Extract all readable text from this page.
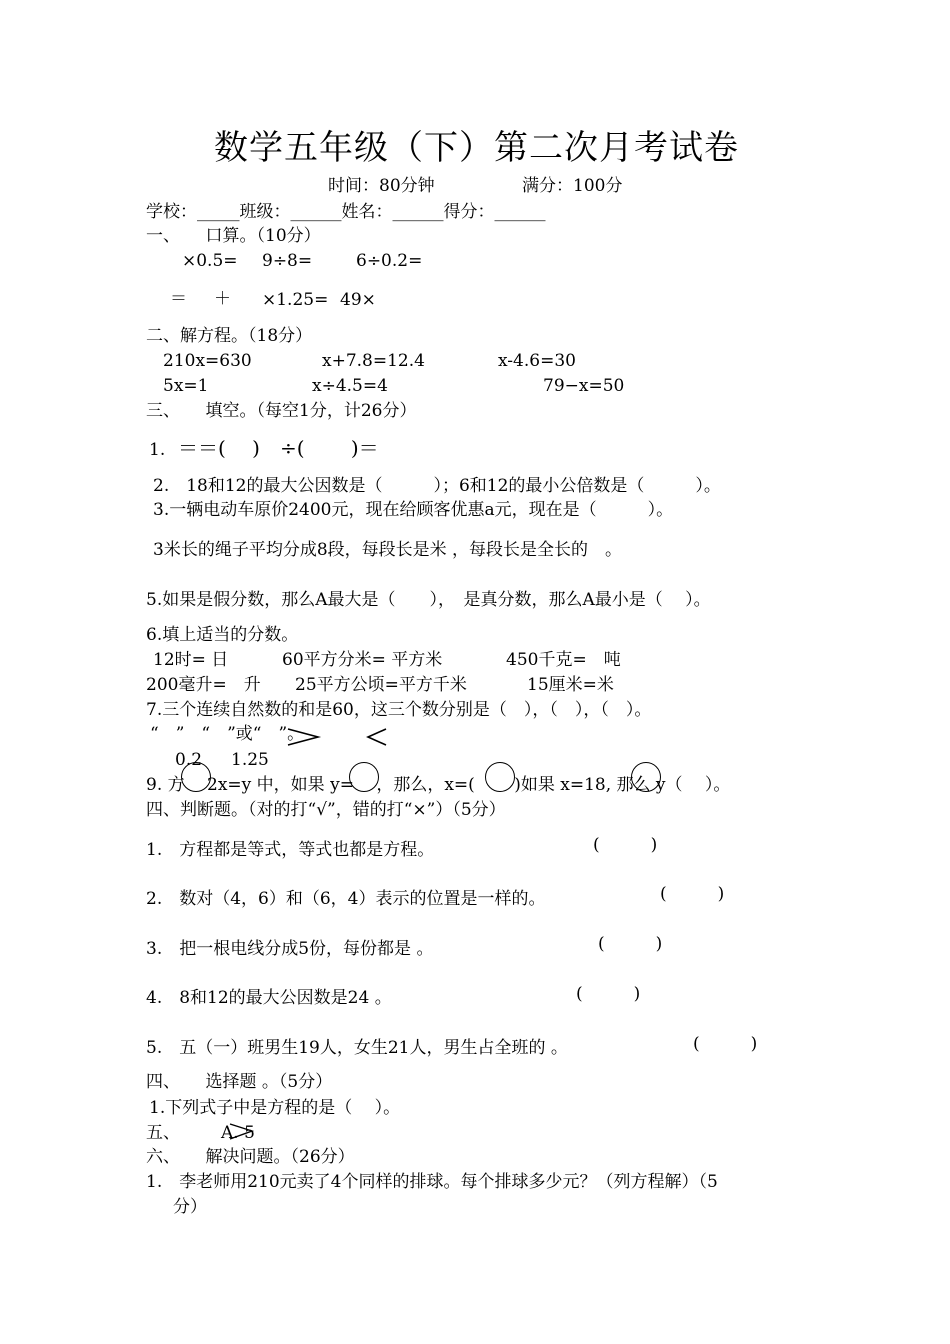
数学五年级（下）第二次月考试卷
时间：80分钟	满分：100分
学校：_____班级：______姓名：______得分：______
一、　　口算。（10分）
×0.5= 9÷8=	6÷0.2=
＝ ＋ ×1.25= 49×
二、解方程。（18分）
210x=630	x+7.8=12.4	x-4.6=30
5x=1	x÷4.5=4	79−x=50
三、　　填空。（每空1分，计26分）
1. ＝＝(　 )　÷(　　 )＝
2.　18和12的最大公因数是（　　　）；6和12的最小公倍数是（　　　）。
3.一辆电动车原价2400元，现在给顾客优惠a元，现在是（　　　）。
3米长的绳子平均分成8段，每段长是米 ，每段长是全长的　。
5.如果是假分数，那么A最大是（　　），　是真分数，那么A最小是（　 ）。
6.填上适当的分数。
12时= 日	60平方分米= 平方米	450千克=　吨
200毫升=　升 25平方公顷=平方千米	15厘米=米
7.三个连续自然数的和是60，这三个数分别是（　），（　），（　）。
“　”　“　”或“　”。
0.2 1.25
9. 方　 2x=y 中，如果 y=　 ，那么，x=(　　 )如果 x=18, 那么 y（　 ）。
四、判断题。（对的打“√”，错的打“×”）（5分）
1.　方程都是等式，等式也都是方程。	(　　　)
2.　数对（4，6）和（6，4）表示的位置是一样的。	(　　　)
3.　把一根电线分成5份，每份都是 。	(　　　)
4.　8和12的最大公因数是24 。	(　　　)
5.　五（一）班男生19人，女生21人，男生占全班的 。	(　　　)
四、　　选择题 。（5分）
1.下列式子中是方程的是（　 ）。
五、 A. 5
六、　　解决问题。（26分）
1.　李老师用210元卖了4个同样的排球。每个排球多少元？（列方程解）（5
分）
